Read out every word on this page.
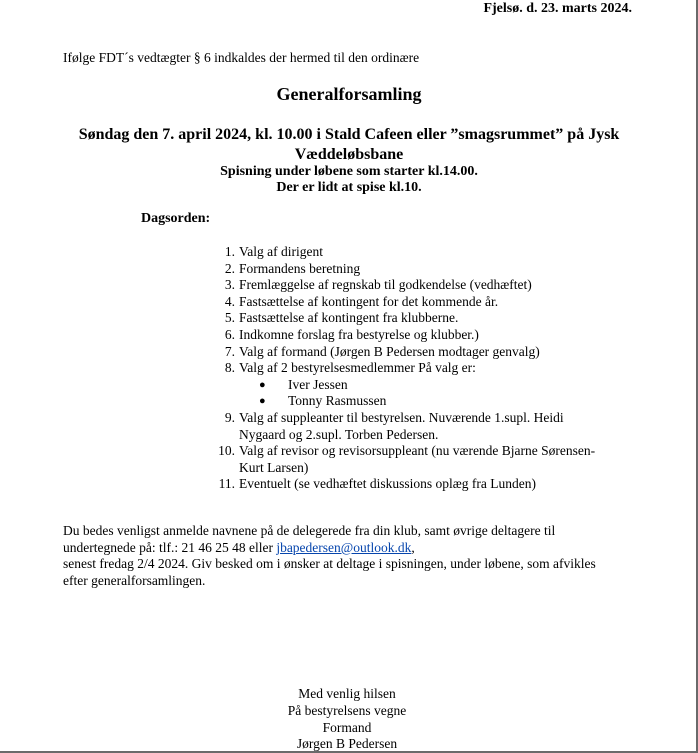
Fjelsø. d. 23. marts 2024.
Ifølge FDT´s vedtægter § 6 indkaldes der hermed til den ordinære
Generalforsamling
Søndag den 7. april 2024, kl. 10.00 i Stald Cafeen eller ”smagsrummet” på Jysk
Væddeløbsbane
Spisning under løbene som starter kl.14.00.
Der er lidt at spise kl.10.
Dagsorden:
1. Valg af dirigent
2. Formandens beretning
3. Fremlæggelse af regnskab til godkendelse (vedhæftet)
4. Fastsættelse af kontingent for det kommende år.
5. Fastsættelse af kontingent fra klubberne.
6. Indkomne forslag fra bestyrelse og klubber.)
7. Valg af formand (Jørgen B Pedersen modtager genvalg)
8. Valg af 2 bestyrelsesmedlemmer På valg er:
● Iver Jessen
● Tonny Rasmussen
9. Valg af suppleanter til bestyrelsen. Nuværende 1.supl. Heidi
Nygaard og 2.supl. Torben Pedersen.
10. Valg af revisor og revisorsuppleant (nu værende Bjarne Sørensen-
Kurt Larsen)
11. Eventuelt (se vedhæftet diskussions oplæg fra Lunden)
Du bedes venligst anmelde navnene på de delegerede fra din klub, samt øvrige deltagere til
undertegnede på: tlf.: 21 46 25 48 eller jbapedersen@outlook.dk,
senest fredag 2/4 2024. Giv besked om i ønsker at deltage i spisningen, under løbene, som afvikles
efter generalforsamlingen.
Med venlig hilsen
På bestyrelsens vegne
Formand
Jørgen B Pedersen
